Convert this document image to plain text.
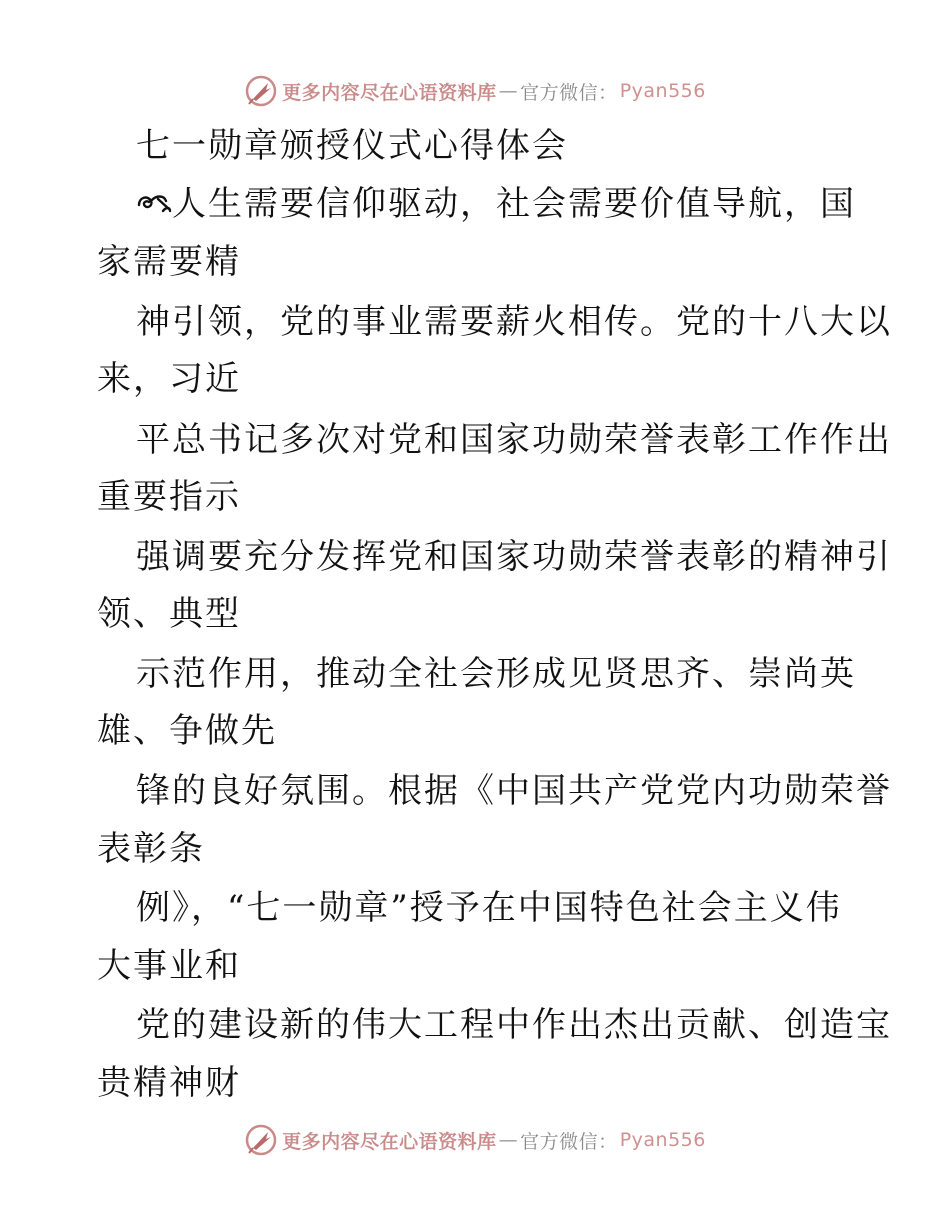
更多内容尽在心语资料库 — 官方微信： Pyan556
七一勋章颁授仪式心得体会
人生需要信仰驱动，社会需要价值导航，国
家需要精
神引领，党的事业需要薪火相传。党的十八大以
来，习近
平总书记多次对党和国家功勋荣誉表彰工作作出
重要指示
强调要充分发挥党和国家功勋荣誉表彰的精神引
领、典型
示范作用，推动全社会形成见贤思齐、崇尚英
雄、争做先
锋的良好氛围。根据《中国共产党党内功勋荣誉
表彰条
例》，“七一勋章”授予在中国特色社会主义伟
大事业和
党的建设新的伟大工程中作出杰出贡献、创造宝
贵精神财
更多内容尽在心语资料库 — 官方微信： Pyan556
